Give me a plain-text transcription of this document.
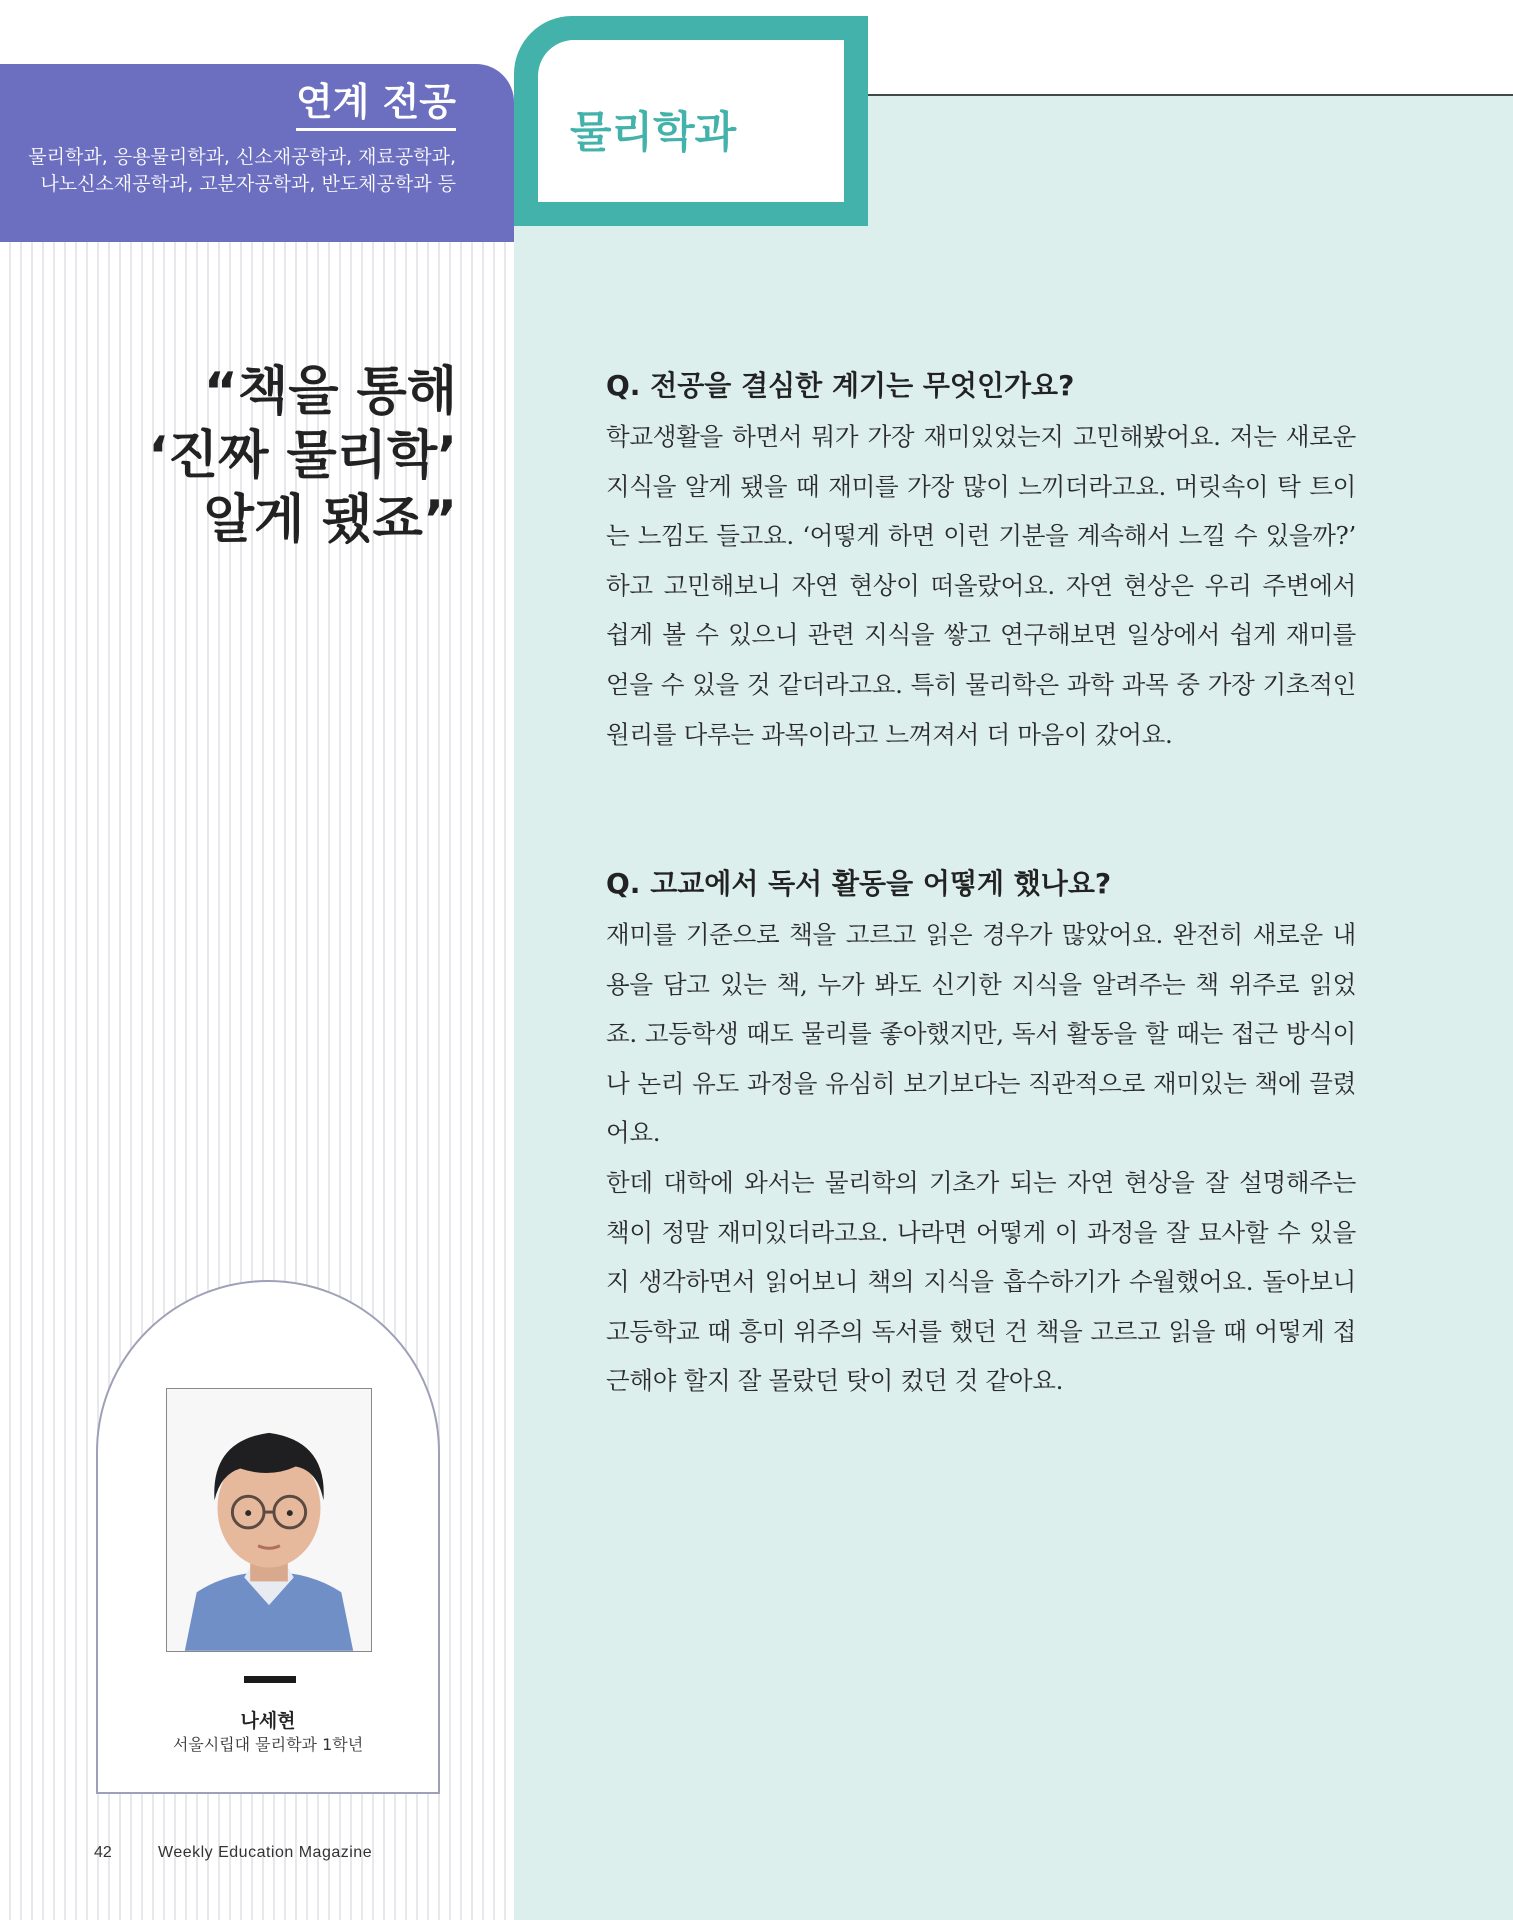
연계 전공
물리학과, 응용물리학과, 신소재공학과, 재료공학과, 나노신소재공학과, 고분자공학과, 반도체공학과 등
물리학과
“책을 통해
‘진짜 물리학’
알게 됐죠”
나세현
서울시립대 물리학과 1학년
Q. 전공을 결심한 계기는 무엇인가요?
학교생활을 하면서 뭐가 가장 재미있었는지 고민해봤어요. 저는 새로운 지식을 알게 됐을 때 재미를 가장 많이 느끼더라고요. 머릿속이 탁 트이는 느낌도 들고요. ‘어떻게 하면 이런 기분을 계속해서 느낄 수 있을까?’ 하고 고민해보니 자연 현상이 떠올랐어요. 자연 현상은 우리 주변에서 쉽게 볼 수 있으니 관련 지식을 쌓고 연구해보면 일상에서 쉽게 재미를 얻을 수 있을 것 같더라고요. 특히 물리학은 과학 과목 중 가장 기초적인 원리를 다루는 과목이라고 느껴져서 더 마음이 갔어요.
Q. 고교에서 독서 활동을 어떻게 했나요?
재미를 기준으로 책을 고르고 읽은 경우가 많았어요. 완전히 새로운 내용을 담고 있는 책, 누가 봐도 신기한 지식을 알려주는 책 위주로 읽었죠. 고등학생 때도 물리를 좋아했지만, 독서 활동을 할 때는 접근 방식이나 논리 유도 과정을 유심히 보기보다는 직관적으로 재미있는 책에 끌렸어요.
한데 대학에 와서는 물리학의 기초가 되는 자연 현상을 잘 설명해주는 책이 정말 재미있더라고요. 나라면 어떻게 이 과정을 잘 묘사할 수 있을지 생각하면서 읽어보니 책의 지식을 흡수하기가 수월했어요. 돌아보니 고등학교 때 흥미 위주의 독서를 했던 건 책을 고르고 읽을 때 어떻게 접근해야 할지 잘 몰랐던 탓이 컸던 것 같아요.
42	Weekly Education Magazine
